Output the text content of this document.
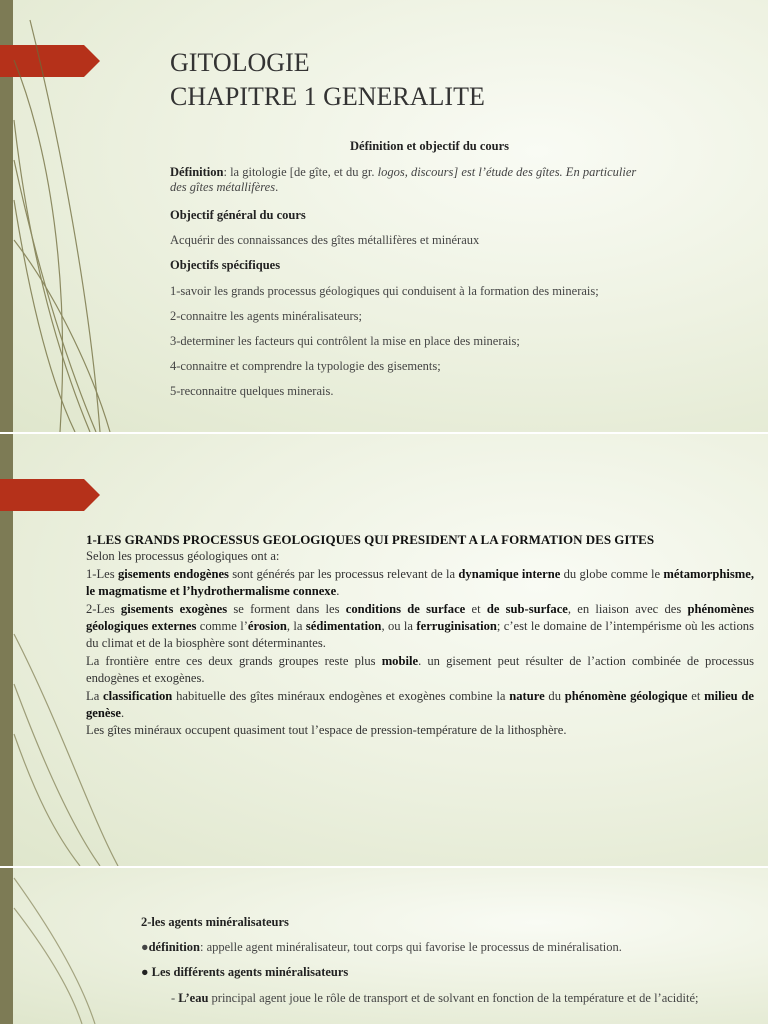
GITOLOGIE
CHAPITRE 1 GENERALITE
Définition et objectif du cours
Définition: la gitologie [de gîte, et du gr. logos, discours] est l’étude des gîtes. En particulier
des gîtes métallifères.
Objectif général du cours
Acquérir des connaissances des gîtes métallifères et minéraux
Objectifs spécifiques
1-savoir les grands processus géologiques qui conduisent à la formation des minerais;
2-connaitre les agents minéralisateurs;
3-determiner les facteurs qui contrôlent la mise en place des minerais;
4-connaitre et comprendre la typologie des gisements;
5-reconnaitre quelques minerais.
1-LES GRANDS PROCESSUS GEOLOGIQUES QUI PRESIDENT A LA FORMATION DES GITES
Selon les processus géologiques ont a:
1-Les gisements endogènes sont générés par les processus relevant de la dynamique interne du globe comme le métamorphisme, le magmatisme et l’hydrothermalisme connexe.
2-Les gisements exogènes se forment dans les conditions de surface et de sub-surface, en liaison avec des phénomènes géologiques externes comme l’érosion, la sédimentation, ou la ferruginisation; c’est le domaine de l’intempérisme où les actions du climat et de la biosphère sont déterminantes.
La frontière entre ces deux grands groupes reste plus mobile. un gisement peut résulter de l’action combinée de processus endogènes et exogènes.
La classification habituelle des gîtes minéraux endogènes et exogènes combine la nature du phénomène géologique et milieu de genèse.
Les gîtes minéraux occupent quasiment tout l’espace de pression-température de la lithosphère.
2-les agents minéralisateurs
●définition: appelle agent minéralisateur, tout corps qui favorise le processus de minéralisation.
● Les différents agents minéralisateurs
- L’eau principal agent joue le rôle de transport et de solvant en fonction de la température et de l’acidité;
